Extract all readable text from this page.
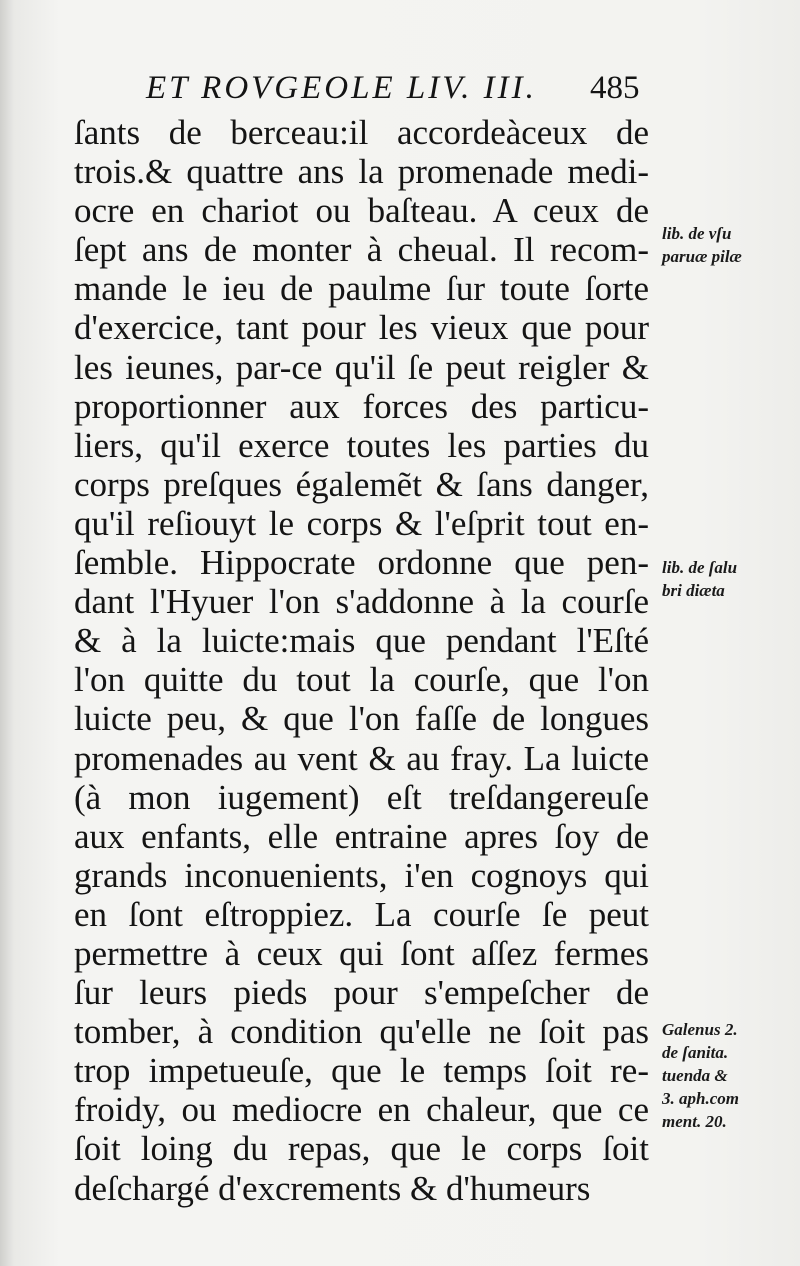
ET ROVGEOLE LIV. III. 485
ſants de berceau:il accordeàceux de
trois.& quattre ans la promenade medi-
ocre en chariot ou baſteau. A ceux de
ſept ans de monter à cheual. Il recom-
mande le ieu de paulme ſur toute ſorte
d'exercice, tant pour les vieux que pour
les ieunes, par-ce qu'il ſe peut reigler &
proportionner aux forces des particu-
liers, qu'il exerce toutes les parties du
corps preſques égalemẽt & ſans danger,
qu'il reſiouyt le corps & l'eſprit tout en-
ſemble. Hippocrate ordonne que pen-
dant l'Hyuer l'on s'addonne à la courſe
& à la luicte:mais que pendant l'Eſté
l'on quitte du tout la courſe, que l'on
luicte peu, & que l'on faſſe de longues
promenades au vent & au fray. La luicte
(à mon iugement) eſt treſdangereuſe
aux enfants, elle entraine apres ſoy de
grands inconuenients, i'en cognoys qui
en ſont eſtroppiez. La courſe ſe peut
permettre à ceux qui ſont aſſez fermes
ſur leurs pieds pour s'empeſcher de
tomber, à condition qu'elle ne ſoit pas
trop impetueuſe, que le temps ſoit re-
froidy, ou mediocre en chaleur, que ce
ſoit loing du repas, que le corps ſoit
deſchargé d'excrements & d'humeurs
lib. de vſu
paruæ pilæ
lib. de ſalu
bri diæta
Galenus 2.
de ſanita.
tuenda &
3. aph.com
ment. 20.
